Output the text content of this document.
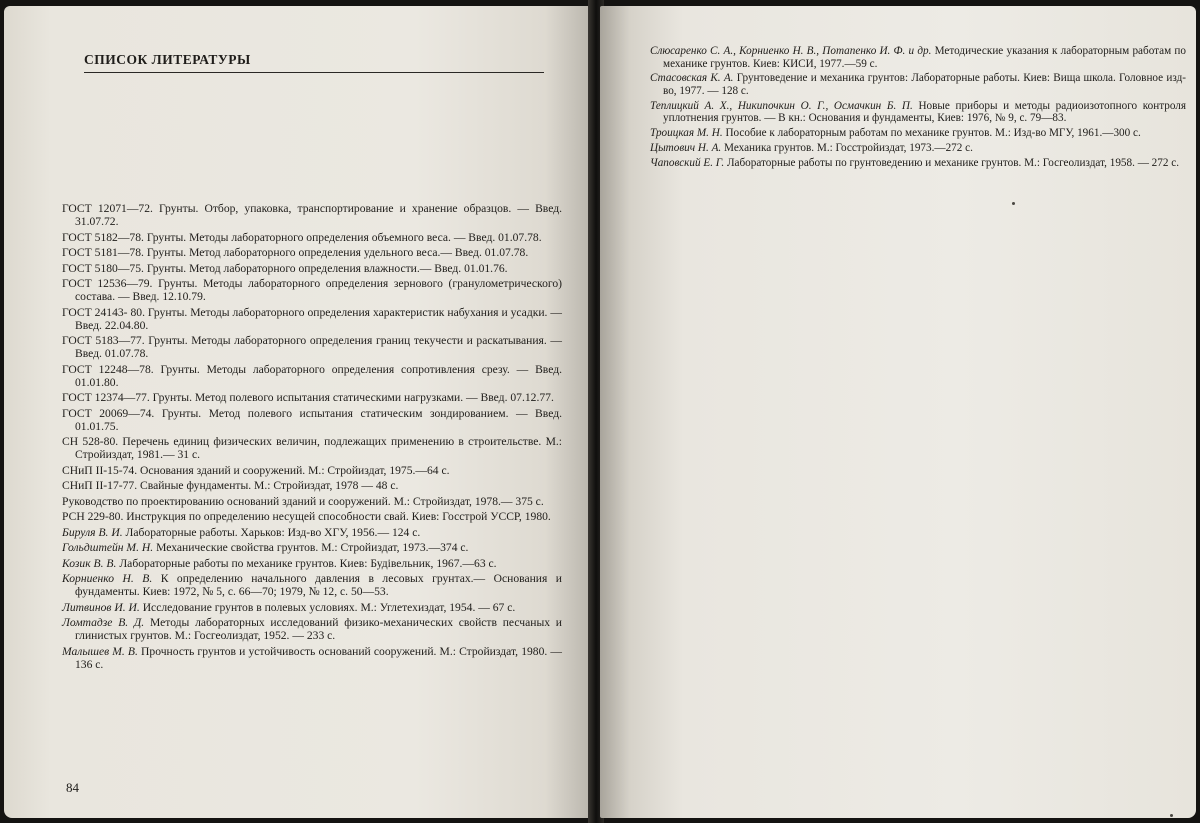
СПИСОК ЛИТЕРАТУРЫ
ГОСТ 12071—72. Грунты. Отбор, упаковка, транспортирование и хранение образцов. — Введ. 31.07.72.
ГОСТ 5182—78. Грунты. Методы лабораторного определения объемного веса. — Введ. 01.07.78.
ГОСТ 5181—78. Грунты. Метод лабораторного определения удельного веса.— Введ. 01.07.78.
ГОСТ 5180—75. Грунты. Метод лабораторного определения влажности.— Введ. 01.01.76.
ГОСТ 12536—79. Грунты. Методы лабораторного определения зернового (гранулометрического) состава. — Введ. 12.10.79.
ГОСТ 24143- 80. Грунты. Методы лабораторного определения характеристик набухания и усадки. — Введ. 22.04.80.
ГОСТ 5183—77. Грунты. Методы лабораторного определения границ текучести и раскатывания. — Введ. 01.07.78.
ГОСТ 12248—78. Грунты. Методы лабораторного определения сопротивления срезу. — Введ. 01.01.80.
ГОСТ 12374—77. Грунты. Метод полевого испытания статическими нагрузками. — Введ. 07.12.77.
ГОСТ 20069—74. Грунты. Метод полевого испытания статическим зондированием. — Введ. 01.01.75.
СН 528-80. Перечень единиц физических величин, подлежащих применению в строительстве. М.: Стройиздат, 1981.— 31 с.
СНиП II-15-74. Основания зданий и сооружений. М.: Стройиздат, 1975.—64 с.
СНиП II-17-77. Свайные фундаменты. М.: Стройиздат, 1978 — 48 с.
Руководство по проектированию оснований зданий и сооружений. М.: Стройиздат, 1978.— 375 с.
РСН 229-80. Инструкция по определению несущей способности свай. Киев: Госстрой УССР, 1980.
Бируля В. И. Лабораторные работы. Харьков: Изд-во ХГУ, 1956.— 124 с.
Гольдштейн М. Н. Механические свойства грунтов. М.: Стройиздат, 1973.—374 с.
Козик В. В. Лабораторные работы по механике грунтов. Киев: Будівельник, 1967.—63 с.
Корниенко Н. В. К определению начального давления в лесовых грунтах.— Основания и фундаменты. Киев: 1972, № 5, с. 66—70; 1979, № 12, с. 50—53.
Литвинов И. И. Исследование грунтов в полевых условиях. М.: Углетехиздат, 1954. — 67 с.
Ломтадзе В. Д. Методы лабораторных исследований физико-механических свойств песчаных и глинистых грунтов. М.: Госгеолиздат, 1952. — 233 с.
Малышев М. В. Прочность грунтов и устойчивость оснований сооружений. М.: Стройиздат, 1980. — 136 с.
84
Слюсаренко С. А., Корниенко Н. В., Потапенко И. Ф. и др. Методические указания к лабораторным работам по механике грунтов. Киев: КИСИ, 1977.—59 с.
Стасовская К. А. Грунтоведение и механика грунтов: Лабораторные работы. Киев: Вища школа. Головное изд-во, 1977. — 128 с.
Теплицкий А. Х., Никипочкин О. Г., Осмачкин Б. П. Новые приборы и методы радиоизотопного контроля уплотнения грунтов. — В кн.: Основания и фундаменты, Киев: 1976, № 9, с. 79—83.
Троицкая М. Н. Пособие к лабораторным работам по механике грунтов. М.: Изд-во МГУ, 1961.—300 с.
Цытович Н. А. Механика грунтов. М.: Госстройиздат, 1973.—272 с.
Чаповский Е. Г. Лабораторные работы по грунтоведению и механике грунтов. М.: Госгеолиздат, 1958. — 272 с.
